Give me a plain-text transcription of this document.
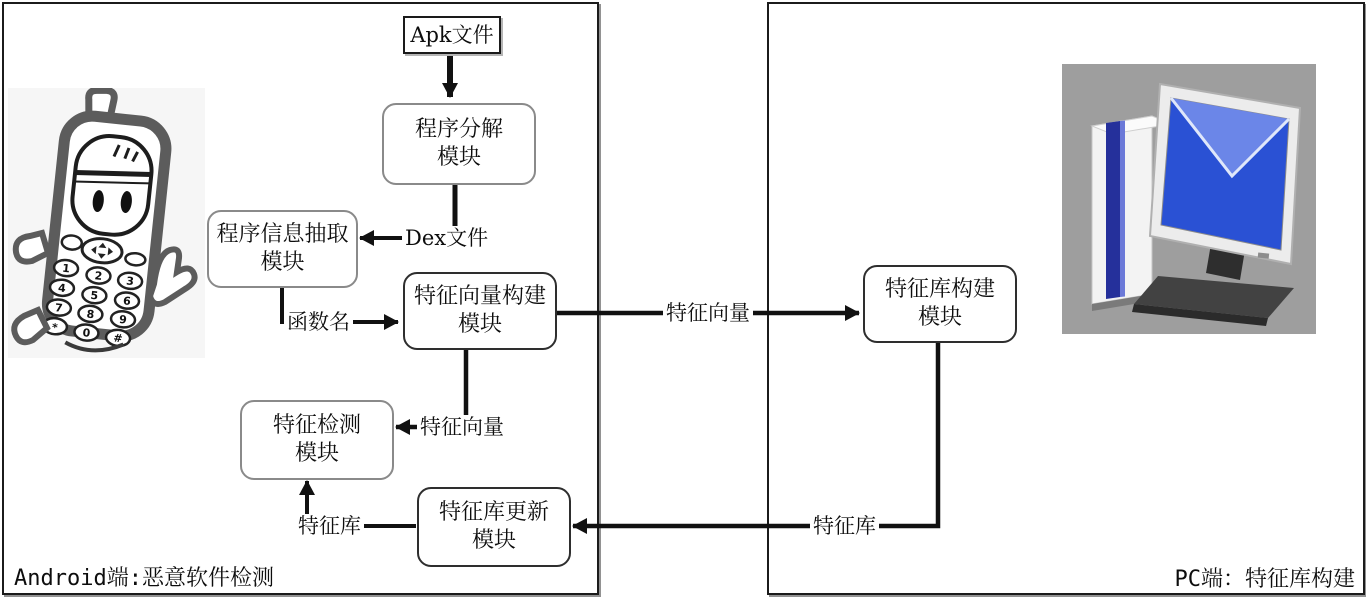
1
2 3
4
5 6
7 8 9
* 0 #
Dex文件
函数名	特征向量
特征向量
特征库	特征库
Apk文件
程序分解
模块
程序信息抽取
模块
特征向量构建
模块
特征检测
模块
特征库更新
模块
特征库构建
模块
Android端:恶意软件检测	PC端：特征库构建
